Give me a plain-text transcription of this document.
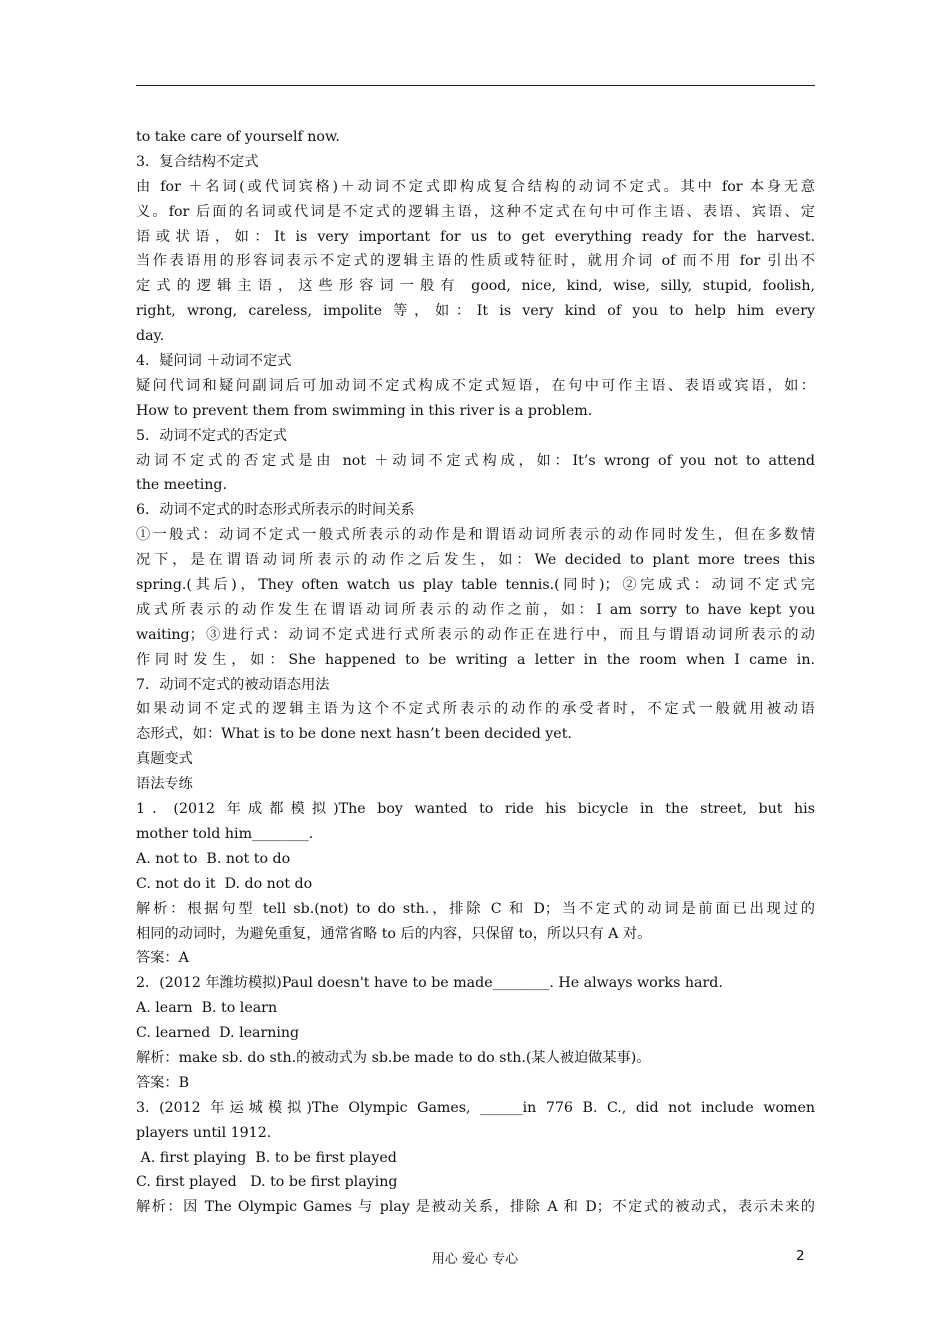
to take care of yourself now.
3．复合结构不定式
由 for ＋名词(或代词宾格)＋动词不定式即构成复合结构的动词不定式。其中 for 本身无意
义。for 后面的名词或代词是不定式的逻辑主语，这种不定式在句中可作主语、表语、宾语、定
语或状语，如：It is very important for us to get everything ready for the harvest.
当作表语用的形容词表示不定式的逻辑主语的性质或特征时，就用介词 of 而不用 for 引出不
定式的逻辑主语，这些形容词一般有 good, nice, kind, wise, silly, stupid, foolish,
right, wrong, careless, impolite 等，如：It is very kind of you to help him every
day.
4．疑问词 ＋动词不定式
疑问代词和疑问副词后可加动词不定式构成不定式短语，在句中可作主语、表语或宾语，如：
How to prevent them from swimming in this river is a problem.
5．动词不定式的否定式
动词不定式的否定式是由 not ＋动词不定式构成，如：It’s wrong of you not to attend
the meeting.
6．动词不定式的时态形式所表示的时间关系
①一般式：动词不定式一般式所表示的动作是和谓语动词所表示的动作同时发生，但在多数情
况下，是在谓语动词所表示的动作之后发生，如：We decided to plant more trees this
spring.(其后)，They often watch us play table tennis.(同时)；②完成式：动词不定式完
成式所表示的动作发生在谓语动词所表示的动作之前，如：I am sorry to have kept you
waiting；③进行式：动词不定式进行式所表示的动作正在进行中，而且与谓语动词所表示的动
作同时发生，如：She happened to be writing a letter in the room when I came in.
7．动词不定式的被动语态用法
如果动词不定式的逻辑主语为这个不定式所表示的动作的承受者时，不定式一般就用被动语
态形式，如：What is to be done next hasn’t been decided yet.
真题变式
语法专练
1．(2012 年成都模拟)The boy wanted to ride his bicycle in the street, but his
mother told him________.
A. not to  B. not to do
C. not do it  D. do not do
解析：根据句型 tell sb.(not) to do sth.，排除 C 和 D；当不定式的动词是前面已出现过的
相同的动词时，为避免重复，通常省略 to 后的内容，只保留 to，所以只有 A 对。
答案：A
2．(2012 年潍坊模拟)Paul doesn't have to be made________. He always works hard.
A. learn  B. to learn
C. learned  D. learning
解析：make sb. do sth.的被动式为 sb.be made to do sth.(某人被迫做某事)。
答案：B
3. (2012 年运城模拟)The Olympic Games, ______in 776 B. C., did not include women
players until 1912.
A. first playing  B. to be first played
C. first played   D. to be first playing
解析：因 The Olympic Games 与 play 是被动关系，排除 A 和 D；不定式的被动式，表示未来的
用心 爱心 专心	2
